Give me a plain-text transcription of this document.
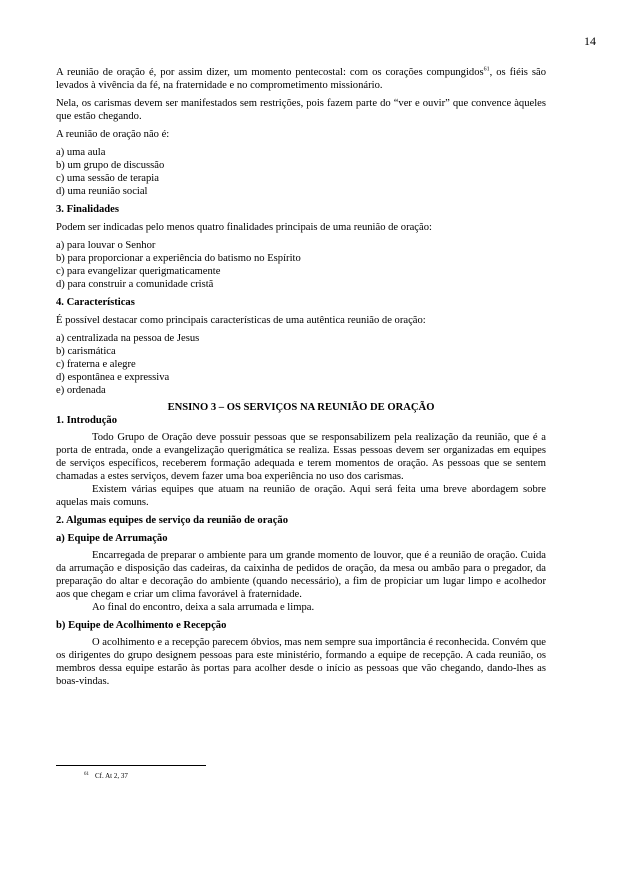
14

A reunião de oração é, por assim dizer, um momento pentecostal: com os corações compungidos$^{61}$, os fiéis são levados à vivência da fé, na fraternidade e no comprometimento missionário.

Nela, os carismas devem ser manifestados sem restrições, pois fazem parte do “ver e ouvir” que convence àqueles que estão chegando.

A reunião de oração não é:

a) uma aula

b) um grupo de discussão

c) uma sessão de terapia

d) uma reunião social

3. Finalidades

Podem ser indicadas pelo menos quatro finalidades principais de uma reunião de oração:

a) para louvar o Senhor

b) para proporcionar a experiência do batismo no Espírito

c) para evangelizar querigmaticamente

d) para construir a comunidade cristã

4. Características

É possível destacar como principais características de uma autêntica reunião de oração:

a) centralizada na pessoa de Jesus

b) carismática

c) fraterna e alegre

d) espontânea e expressiva

e) ordenada

ENSINO 3 – OS SERVIÇOS NA REUNIÃO DE ORAÇÃO

1. Introdução

Todo Grupo de Oração deve possuir pessoas que se responsabilizem pela realização da reunião, que é a porta de entrada, onde a evangelização querigmática se realiza. Essas pessoas devem ser organizadas em equipes de serviços específicos, receberem formação adequada e terem momentos de oração. As pessoas que se sentem chamadas a estes serviços, devem fazer uma boa experiência no uso dos carismas.

Existem várias equipes que atuam na reunião de oração. Aqui será feita uma breve abordagem sobre aquelas mais comuns.

2. Algumas equipes de serviço da reunião de oração

a) Equipe de Arrumação

Encarregada de preparar o ambiente para um grande momento de louvor, que é a reunião de oração. Cuida da arrumação e disposição das cadeiras, da caixinha de pedidos de oração, da mesa ou ambão para o pregador, da preparação do altar e decoração do ambiente (quando necessário), a fim de propiciar um lugar limpo e acolhedor aos que chegam e criar um clima favorável à fraternidade.

Ao final do encontro, deixa a sala arrumada e limpa.

b) Equipe de Acolhimento e Recepção

O acolhimento e a recepção parecem óbvios, mas nem sempre sua importância é reconhecida. Convém que os dirigentes do grupo designem pessoas para este ministério, formando a equipe de recepção. A cada reunião, os membros dessa equipe estarão às portas para acolher desde o início as pessoas que vão chegando, dando-lhes as boas-vindas.

$^{61}$ Cf. At 2, 37
